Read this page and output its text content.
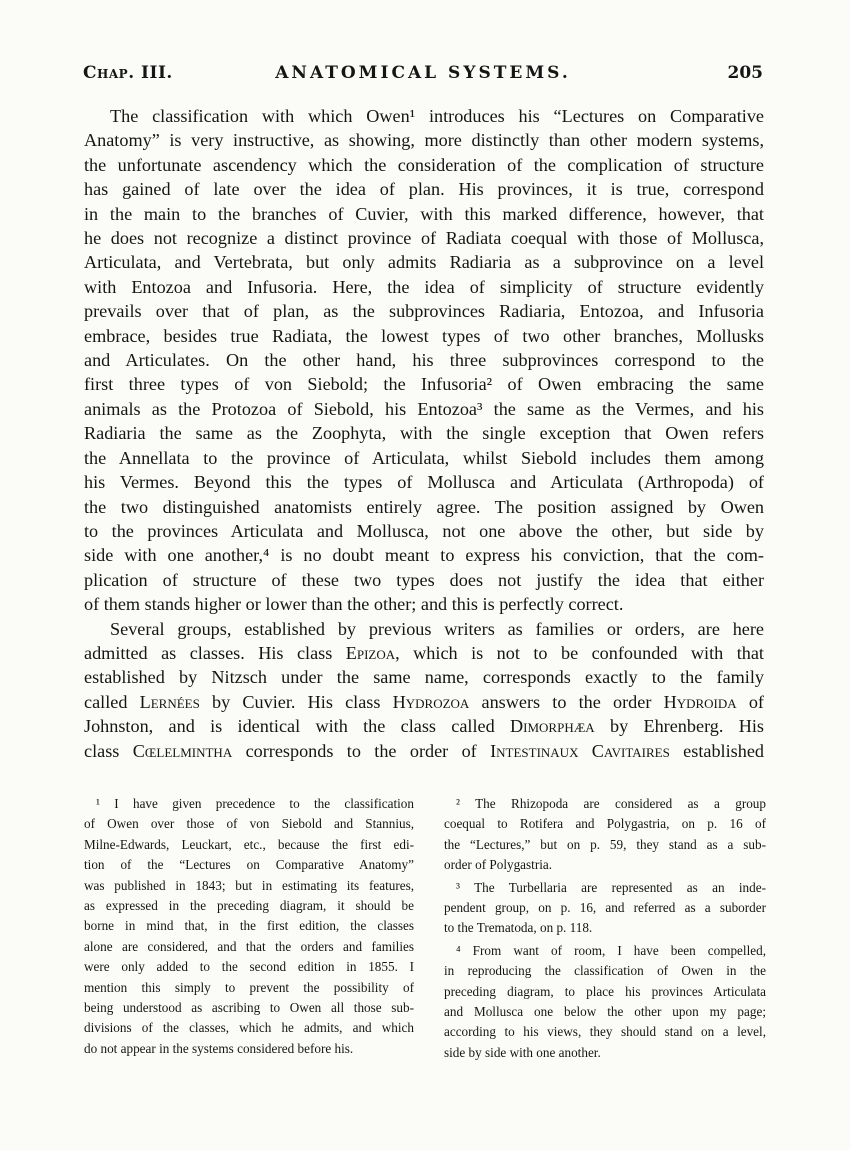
Chap. III.	ANATOMICAL SYSTEMS.	205
The classification with which Owen¹ introduces his “Lectures on Comparative
Anatomy” is very instructive, as showing, more distinctly than other modern systems,
the unfortunate ascendency which the consideration of the complication of structure
has gained of late over the idea of plan. His provinces, it is true, correspond
in the main to the branches of Cuvier, with this marked difference, however, that
he does not recognize a distinct province of Radiata coequal with those of Mollusca,
Articulata, and Vertebrata, but only admits Radiaria as a subprovince on a level
with Entozoa and Infusoria. Here, the idea of simplicity of structure evidently
prevails over that of plan, as the subprovinces Radiaria, Entozoa, and Infusoria
embrace, besides true Radiata, the lowest types of two other branches, Mollusks
and Articulates. On the other hand, his three subprovinces correspond to the
first three types of von Siebold; the Infusoria² of Owen embracing the same
animals as the Protozoa of Siebold, his Entozoa³ the same as the Vermes, and his
Radiaria the same as the Zoophyta, with the single exception that Owen refers
the Annellata to the province of Articulata, whilst Siebold includes them among
his Vermes. Beyond this the types of Mollusca and Articulata (Arthropoda) of
the two distinguished anatomists entirely agree. The position assigned by Owen
to the provinces Articulata and Mollusca, not one above the other, but side by
side with one another,⁴ is no doubt meant to express his conviction, that the com-
plication of structure of these two types does not justify the idea that either
of them stands higher or lower than the other; and this is perfectly correct.
Several groups, established by previous writers as families or orders, are here
admitted as classes. His class Epizoa, which is not to be confounded with that
established by Nitzsch under the same name, corresponds exactly to the family
called Lernées by Cuvier. His class Hydrozoa answers to the order Hydroida of
Johnston, and is identical with the class called Dimorphæa by Ehrenberg. His
class Cœlelmintha corresponds to the order of Intestinaux Cavitaires established
¹ I have given precedence to the classification
of Owen over those of von Siebold and Stannius,
Milne-Edwards, Leuckart, etc., because the first edi-
tion of the “Lectures on Comparative Anatomy”
was published in 1843; but in estimating its features,
as expressed in the preceding diagram, it should be
borne in mind that, in the first edition, the classes
alone are considered, and that the orders and families
were only added to the second edition in 1855. I
mention this simply to prevent the possibility of
being understood as ascribing to Owen all those sub-
divisions of the classes, which he admits, and which
do not appear in the systems considered before his.
² The Rhizopoda are considered as a group
coequal to Rotifera and Polygastria, on p. 16 of
the “Lectures,” but on p. 59, they stand as a sub-
order of Polygastria.
³ The Turbellaria are represented as an inde-
pendent group, on p. 16, and referred as a suborder
to the Trematoda, on p. 118.
⁴ From want of room, I have been compelled,
in reproducing the classification of Owen in the
preceding diagram, to place his provinces Articulata
and Mollusca one below the other upon my page;
according to his views, they should stand on a level,
side by side with one another.
